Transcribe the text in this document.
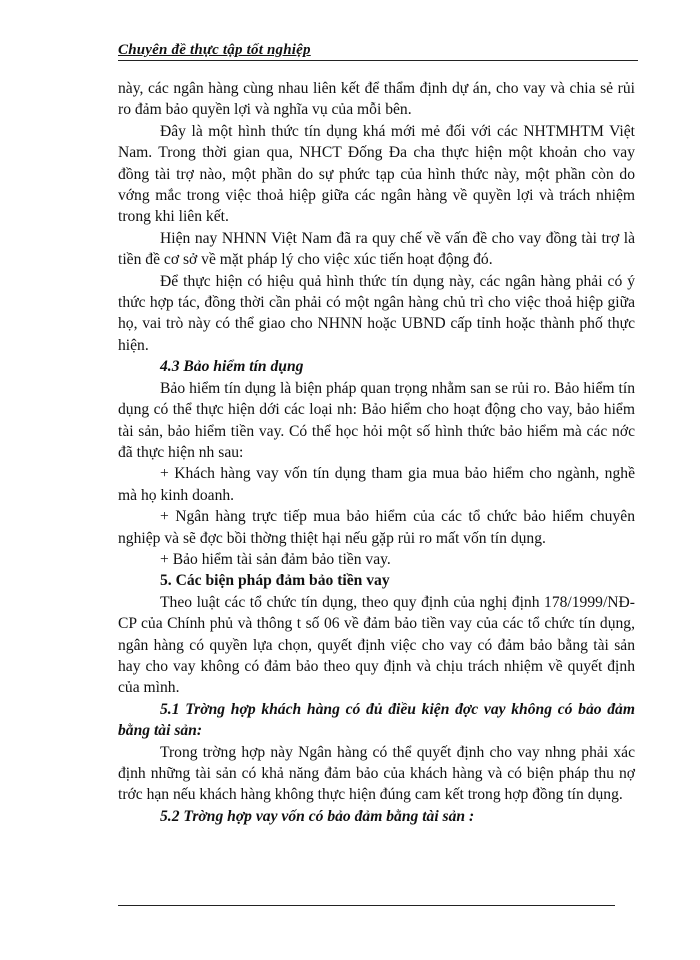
Chuyên đề thực tập tốt nghiệp

này, các ngân hàng cùng nhau liên kết để thẩm định dự án, cho vay và chia sẻ rủi ro đảm bảo quyền lợi và nghĩa vụ của mỗi bên.

Đây là một hình thức tín dụng khá mới mẻ đối với các NHTMHTM Việt Nam. Trong thời gian qua, NHCT Đống Đa cha thực hiện một khoản cho vay đồng tài trợ nào, một phần do sự phức tạp của hình thức này, một phần còn do vớng mắc trong việc thoả hiệp giữa các ngân hàng về quyền lợi và trách nhiệm trong khi liên kết.

Hiện nay NHNN Việt Nam đã ra quy chế về vấn đề cho vay đồng tài trợ là tiền đề cơ sở về mặt pháp lý cho việc xúc tiến hoạt động đó.

Để thực hiện có hiệu quả hình thức tín dụng này, các ngân hàng phải có ý thức hợp tác, đồng thời cần phải có một ngân hàng chủ trì cho việc thoả hiệp giữa họ, vai trò này có thể giao cho NHNN hoặc UBND cấp tỉnh hoặc thành phố thực hiện.

4.3 Bảo hiểm tín dụng

Bảo hiểm tín dụng là biện pháp quan trọng nhằm san se rủi ro. Bảo hiểm tín dụng có thể thực hiện dới các loại nh: Bảo hiểm cho hoạt động cho vay, bảo hiểm tài sản, bảo hiểm tiền vay. Có thể học hỏi một số hình thức bảo hiểm mà các nớc đã thực hiện nh sau:

+ Khách hàng vay vốn tín dụng tham gia mua bảo hiểm cho ngành, nghề mà họ kinh doanh.

+ Ngân hàng trực tiếp mua bảo hiểm của các tổ chức bảo hiểm chuyên nghiệp và sẽ đợc bồi thờng thiệt hại nếu gặp rủi ro mất vốn tín dụng.

+ Bảo hiểm tài sản đảm bảo tiền vay.

5. Các biện pháp đảm bảo tiền vay

Theo luật các tổ chức tín dụng, theo quy định của nghị định 178/1999/NĐ-CP của Chính phủ và thông t số 06 về đảm bảo tiền vay của các tổ chức tín dụng, ngân hàng có quyền lựa chọn, quyết định việc cho vay có đảm bảo bằng tài sản hay cho vay không có đảm bảo theo quy định và chịu trách nhiệm về quyết định của mình.

5.1 Trờng hợp khách hàng có đủ điều kiện đợc vay không có bảo đảm bằng tài sản:

Trong trờng hợp này Ngân hàng có thể quyết định cho vay nhng phải xác định những tài sản có khả năng đảm bảo của khách hàng và có biện pháp thu nợ trớc hạn nếu khách hàng không thực hiện đúng cam kết trong hợp đồng tín dụng.

5.2 Trờng hợp vay vốn có bảo đảm bằng tài sản :
